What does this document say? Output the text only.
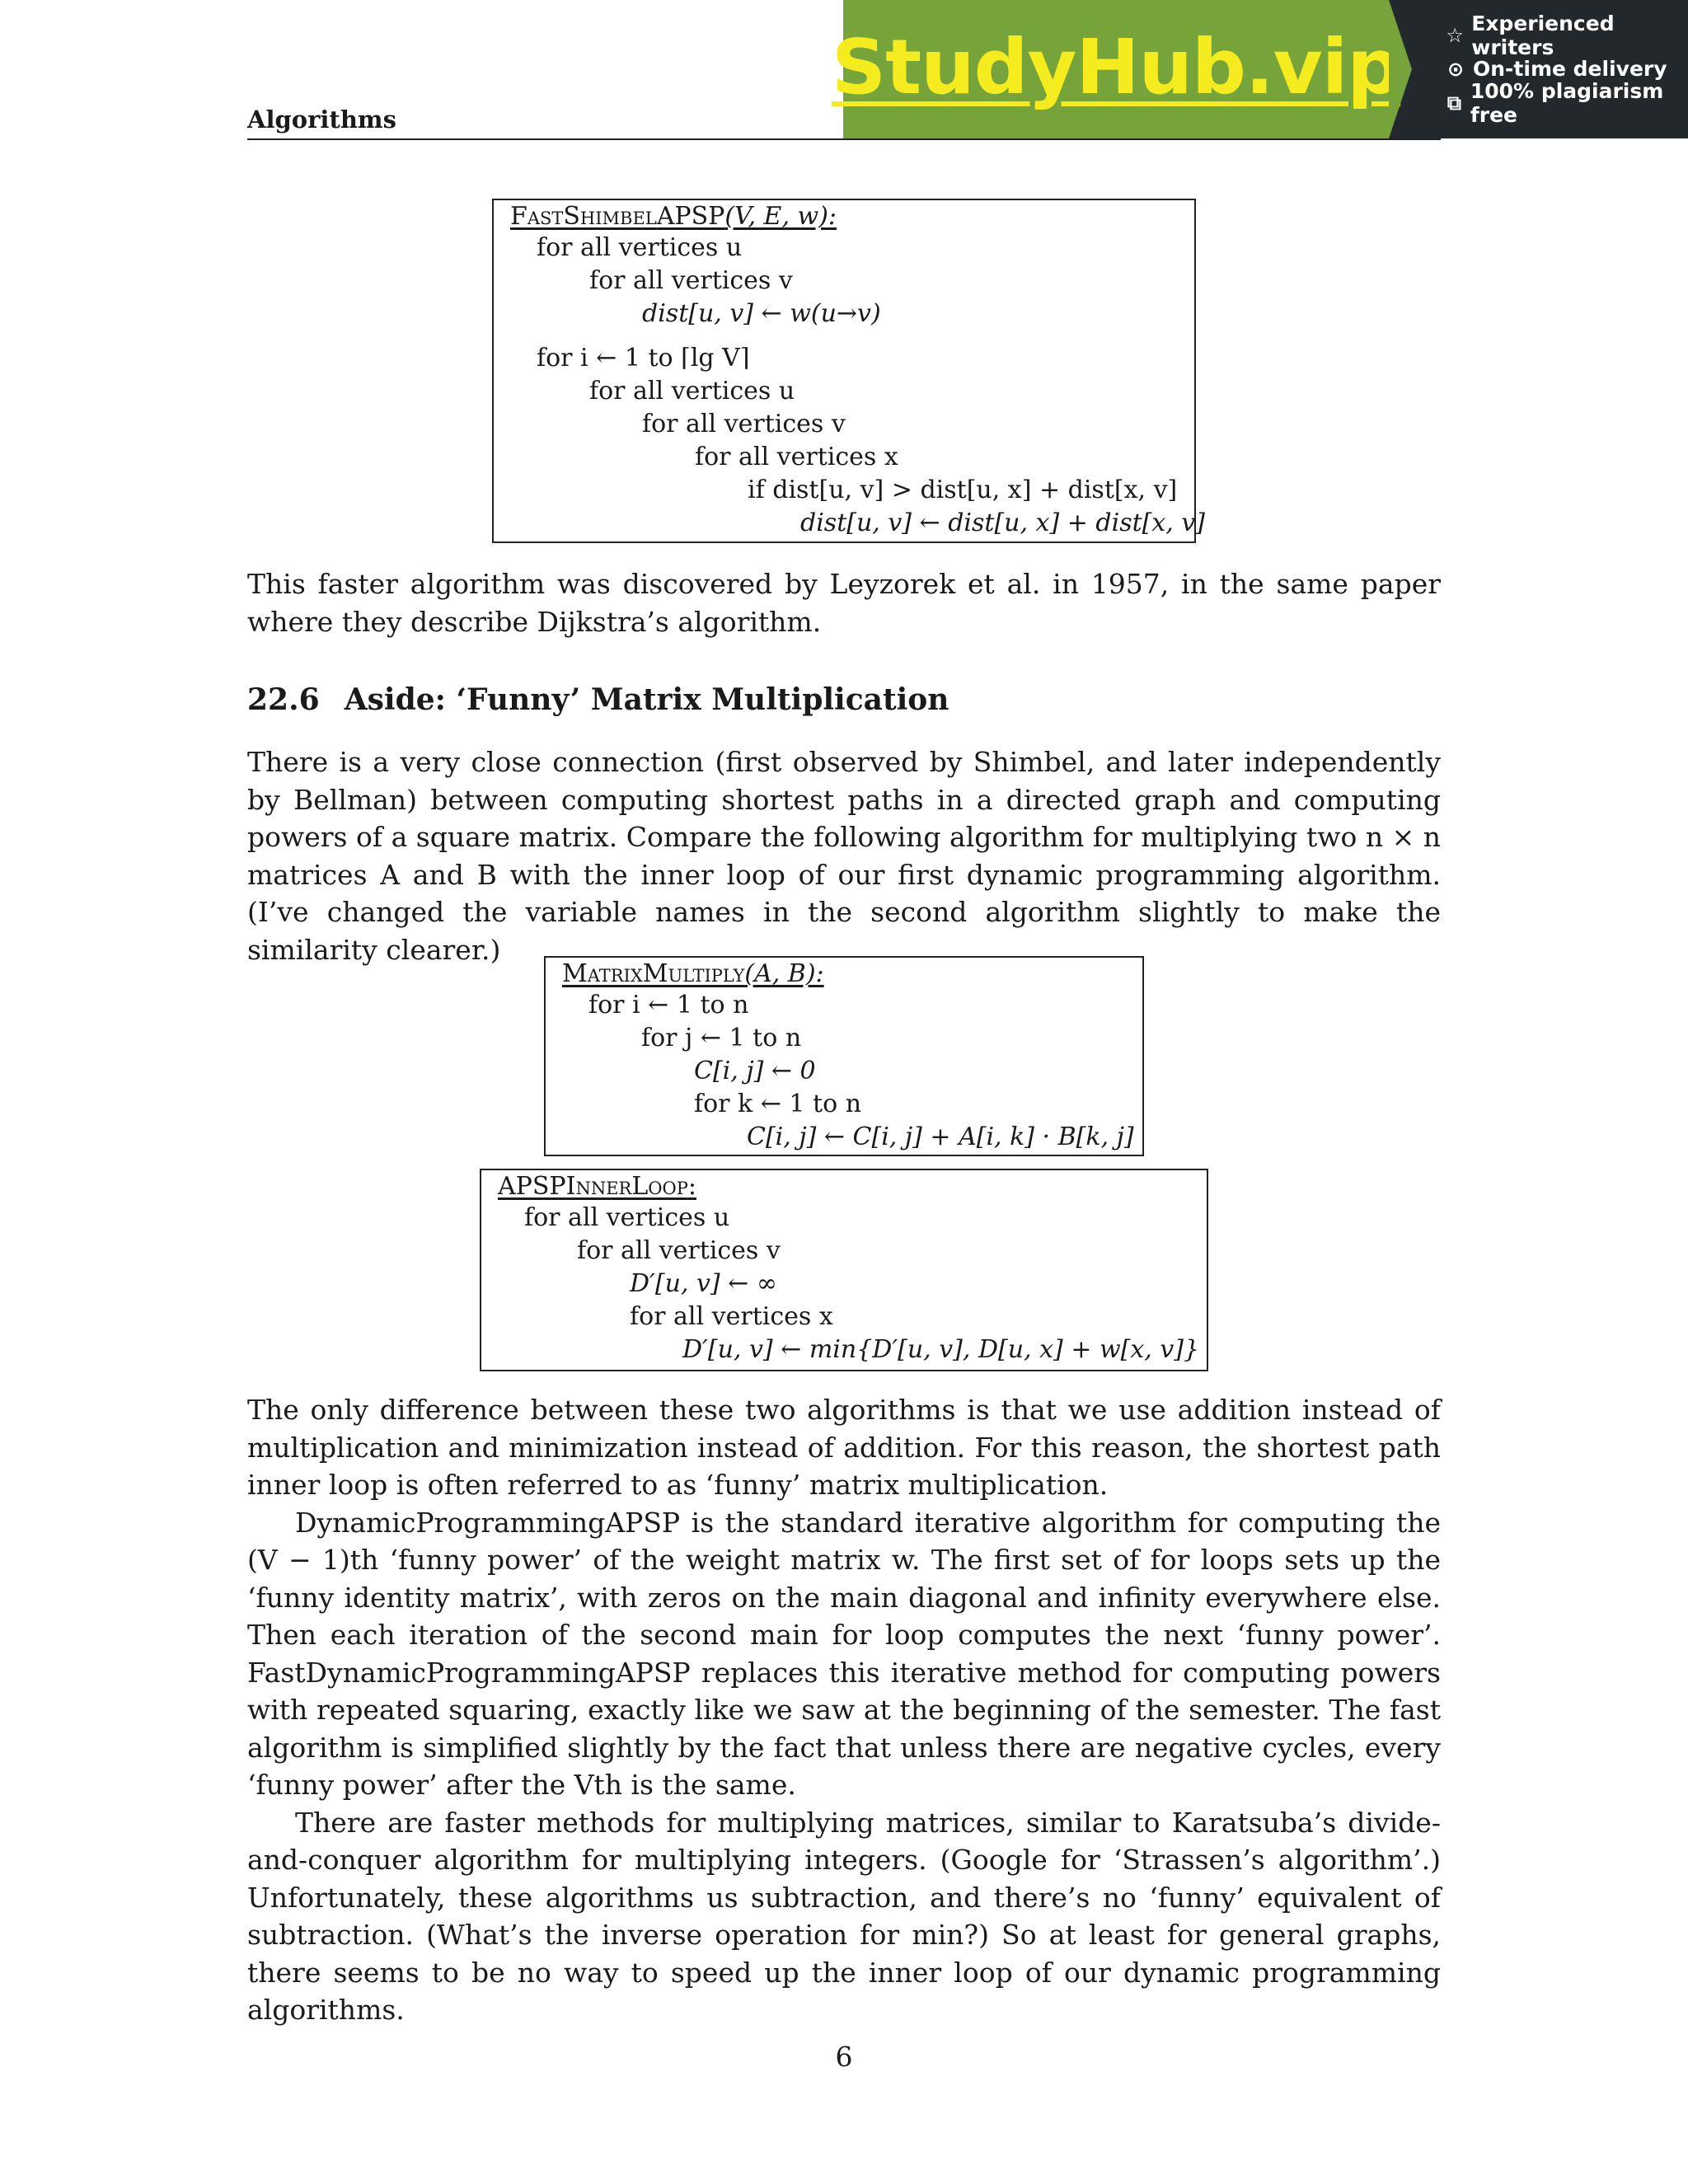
Algorithms
StudyHub.vip ☆ Experienced writers
⊙ On-time delivery
⧉ 100% plagiarism free
FastShimbelAPSP(V, E, w):
for all vertices u
for all vertices v
dist[u, v] ← w(u→v)
for i ← 1 to ⌈lg V⌉
for all vertices u
for all vertices v
for all vertices x
if dist[u, v] > dist[u, x] + dist[x, v]
dist[u, v] ← dist[u, x] + dist[x, v]

This faster algorithm was discovered by Leyzorek et al. in 1957, in the same paper where they describe Dijkstra’s algorithm.

22.6 Aside: ‘Funny’ Matrix Multiplication

There is a very close connection (first observed by Shimbel, and later independently by Bellman) between computing shortest paths in a directed graph and computing powers of a square matrix. Compare the following algorithm for multiplying two n × n matrices A and B with the inner loop of our first dynamic programming algorithm. (I’ve changed the variable names in the second algorithm slightly to make the similarity clearer.)

MatrixMultiply(A, B):
for i ← 1 to n
for j ← 1 to n
C[i, j] ← 0
for k ← 1 to n
C[i, j] ← C[i, j] + A[i, k] · B[k, j]
APSPInnerLoop:
for all vertices u
for all vertices v
D′[u, v] ← ∞
for all vertices x
D′[u, v] ← min{D′[u, v], D[u, x] + w[x, v]}

The only difference between these two algorithms is that we use addition instead of multiplication and minimization instead of addition. For this reason, the shortest path inner loop is often referred to as ‘funny’ matrix multiplication.

DynamicProgrammingAPSP is the standard iterative algorithm for computing the (V − 1)th ‘funny power’ of the weight matrix w. The first set of for loops sets up the ‘funny identity matrix’, with zeros on the main diagonal and infinity everywhere else. Then each iteration of the second main for loop computes the next ‘funny power’. FastDynamicProgrammingAPSP replaces this iterative method for computing powers with repeated squaring, exactly like we saw at the beginning of the semester. The fast algorithm is simplified slightly by the fact that unless there are negative cycles, every ‘funny power’ after the Vth is the same.

There are faster methods for multiplying matrices, similar to Karatsuba’s divide-and-conquer algorithm for multiplying integers. (Google for ‘Strassen’s algorithm’.) Unfortunately, these algorithms us subtraction, and there’s no ‘funny’ equivalent of subtraction. (What’s the inverse operation for min?) So at least for general graphs, there seems to be no way to speed up the inner loop of our dynamic programming algorithms.

6
